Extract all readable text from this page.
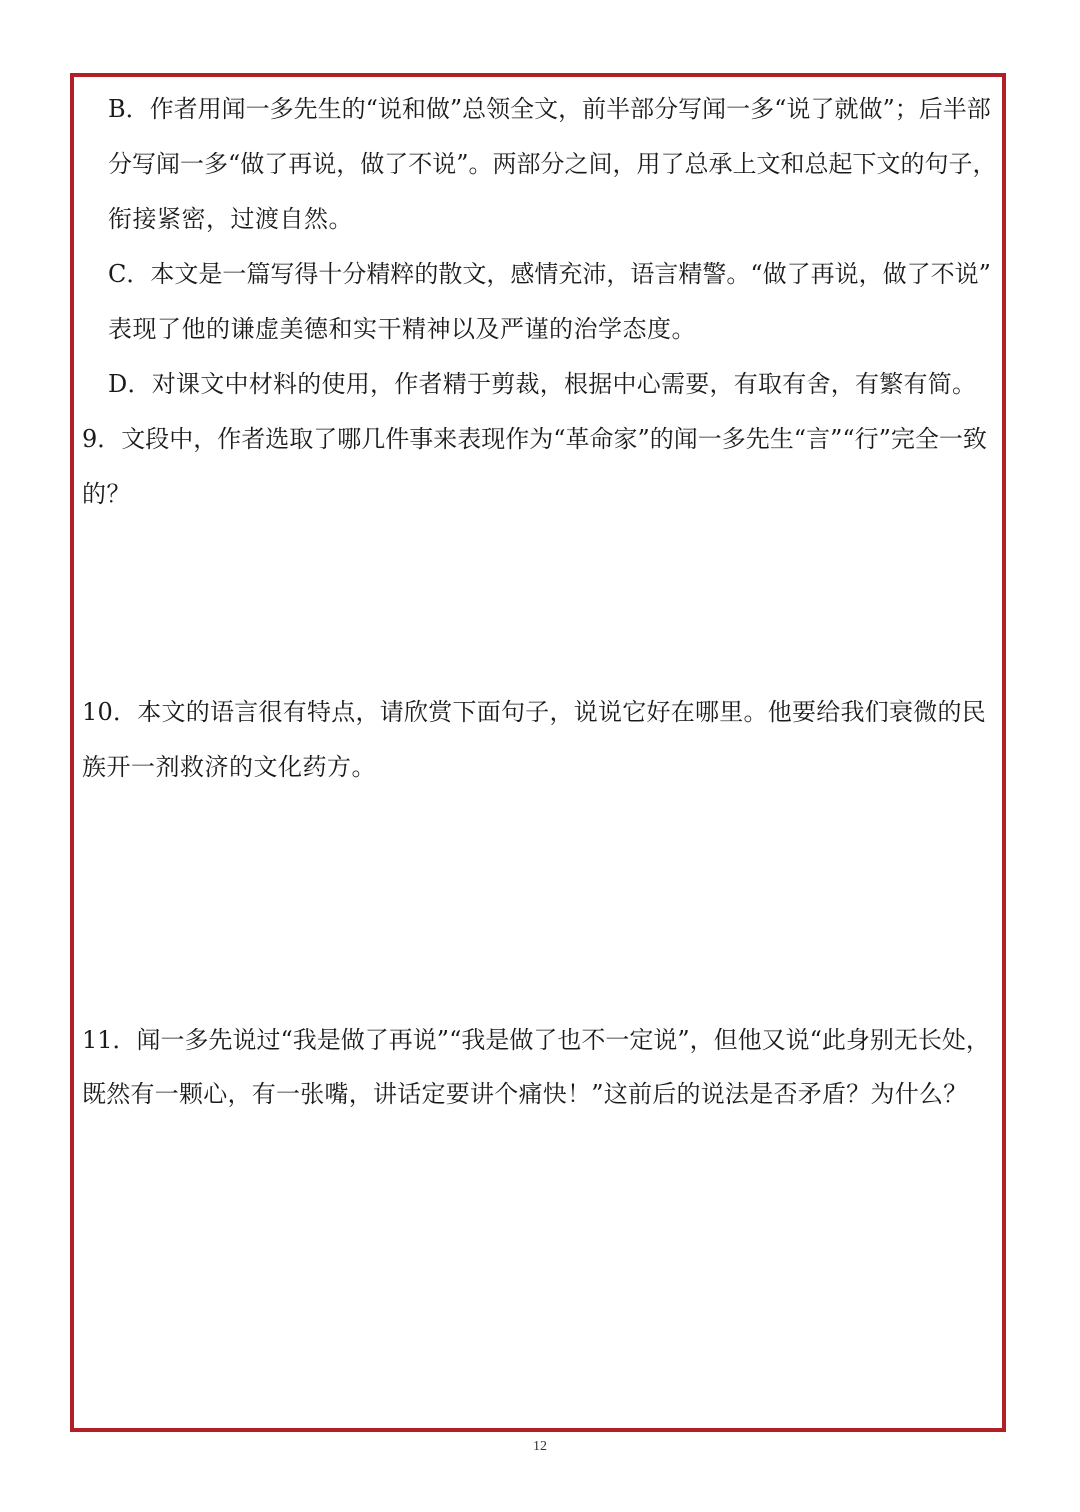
B．作者用闻一多先生的“说和做”总领全文，前半部分写闻一多“说了就做”；后半部
分写闻一多“做了再说，做了不说”。两部分之间，用了总承上文和总起下文的句子，
衔接紧密，过渡自然。
C．本文是一篇写得十分精粹的散文，感情充沛，语言精警。“做了再说，做了不说”
表现了他的谦虚美德和实干精神以及严谨的治学态度。
D．对课文中材料的使用，作者精于剪裁，根据中心需要，有取有舍，有繁有简。
9．文段中，作者选取了哪几件事来表现作为“革命家”的闻一多先生“言”“行”完全一致
的？
10．本文的语言很有特点，请欣赏下面句子，说说它好在哪里。他要给我们衰微的民
族开一剂救济的文化药方。
11．闻一多先说过“我是做了再说”“我是做了也不一定说”，但他又说“此身别无长处，
既然有一颗心，有一张嘴，讲话定要讲个痛快！”这前后的说法是否矛盾？为什么？
12
